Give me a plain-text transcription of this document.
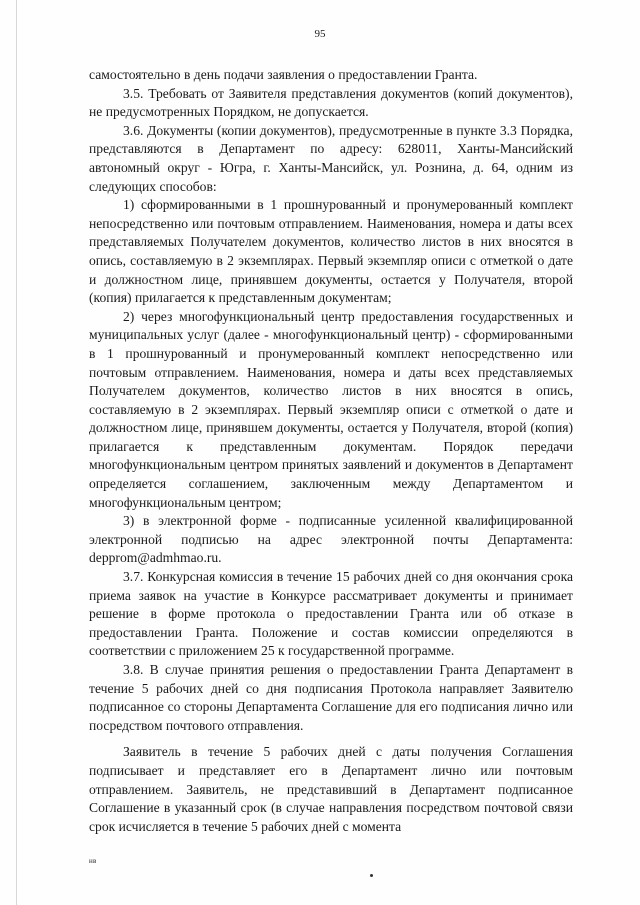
95

самостоятельно в день подачи заявления о предоставлении Гранта.

3.5. Требовать от Заявителя представления документов (копий документов), не предусмотренных Порядком, не допускается.

3.6. Документы (копии документов), предусмотренные в пункте 3.3 Порядка, представляются в Департамент по адресу: 628011, Ханты-Мансийский автономный округ - Югра, г. Ханты-Мансийск, ул. Рознина, д. 64, одним из следующих способов:

1) сформированными в 1 прошнурованный и пронумерованный комплект непосредственно или почтовым отправлением. Наименования, номера и даты всех представляемых Получателем документов, количество листов в них вносятся в опись, составляемую в 2 экземплярах. Первый экземпляр описи с отметкой о дате и должностном лице, принявшем документы, остается у Получателя, второй (копия) прилагается к представленным документам;

2) через многофункциональный центр предоставления государственных и муниципальных услуг (далее - многофункциональный центр) - сформированными в 1 прошнурованный и пронумерованный комплект непосредственно или почтовым отправлением. Наименования, номера и даты всех представляемых Получателем документов, количество листов в них вносятся в опись, составляемую в 2 экземплярах. Первый экземпляр описи с отметкой о дате и должностном лице, принявшем документы, остается у Получателя, второй (копия) прилагается к представленным документам. Порядок передачи многофункциональным центром принятых заявлений и документов в Департамент определяется соглашением, заключенным между Департаментом и многофункциональным центром;

3) в электронной форме - подписанные усиленной квалифицированной электронной подписью на адрес электронной почты Департамента: depprom@admhmao.ru.

3.7. Конкурсная комиссия в течение 15 рабочих дней со дня окончания срока приема заявок на участие в Конкурсе рассматривает документы и принимает решение в форме протокола о предоставлении Гранта или об отказе в предоставлении Гранта. Положение и состав комиссии определяются в соответствии с приложением 25 к государственной программе.

3.8. В случае принятия решения о предоставлении Гранта Департамент в течение 5 рабочих дней со дня подписания Протокола направляет Заявителю подписанное со стороны Департамента Соглашение для его подписания лично или посредством почтового отправления.

Заявитель в течение 5 рабочих дней с даты получения Соглашения подписывает и представляет его в Департамент лично или почтовым отправлением. Заявитель, не представивший в Департамент подписанное Соглашение в указанный срок (в случае направления посредством почтовой связи срок исчисляется в течение 5 рабочих дней с момента

нв
